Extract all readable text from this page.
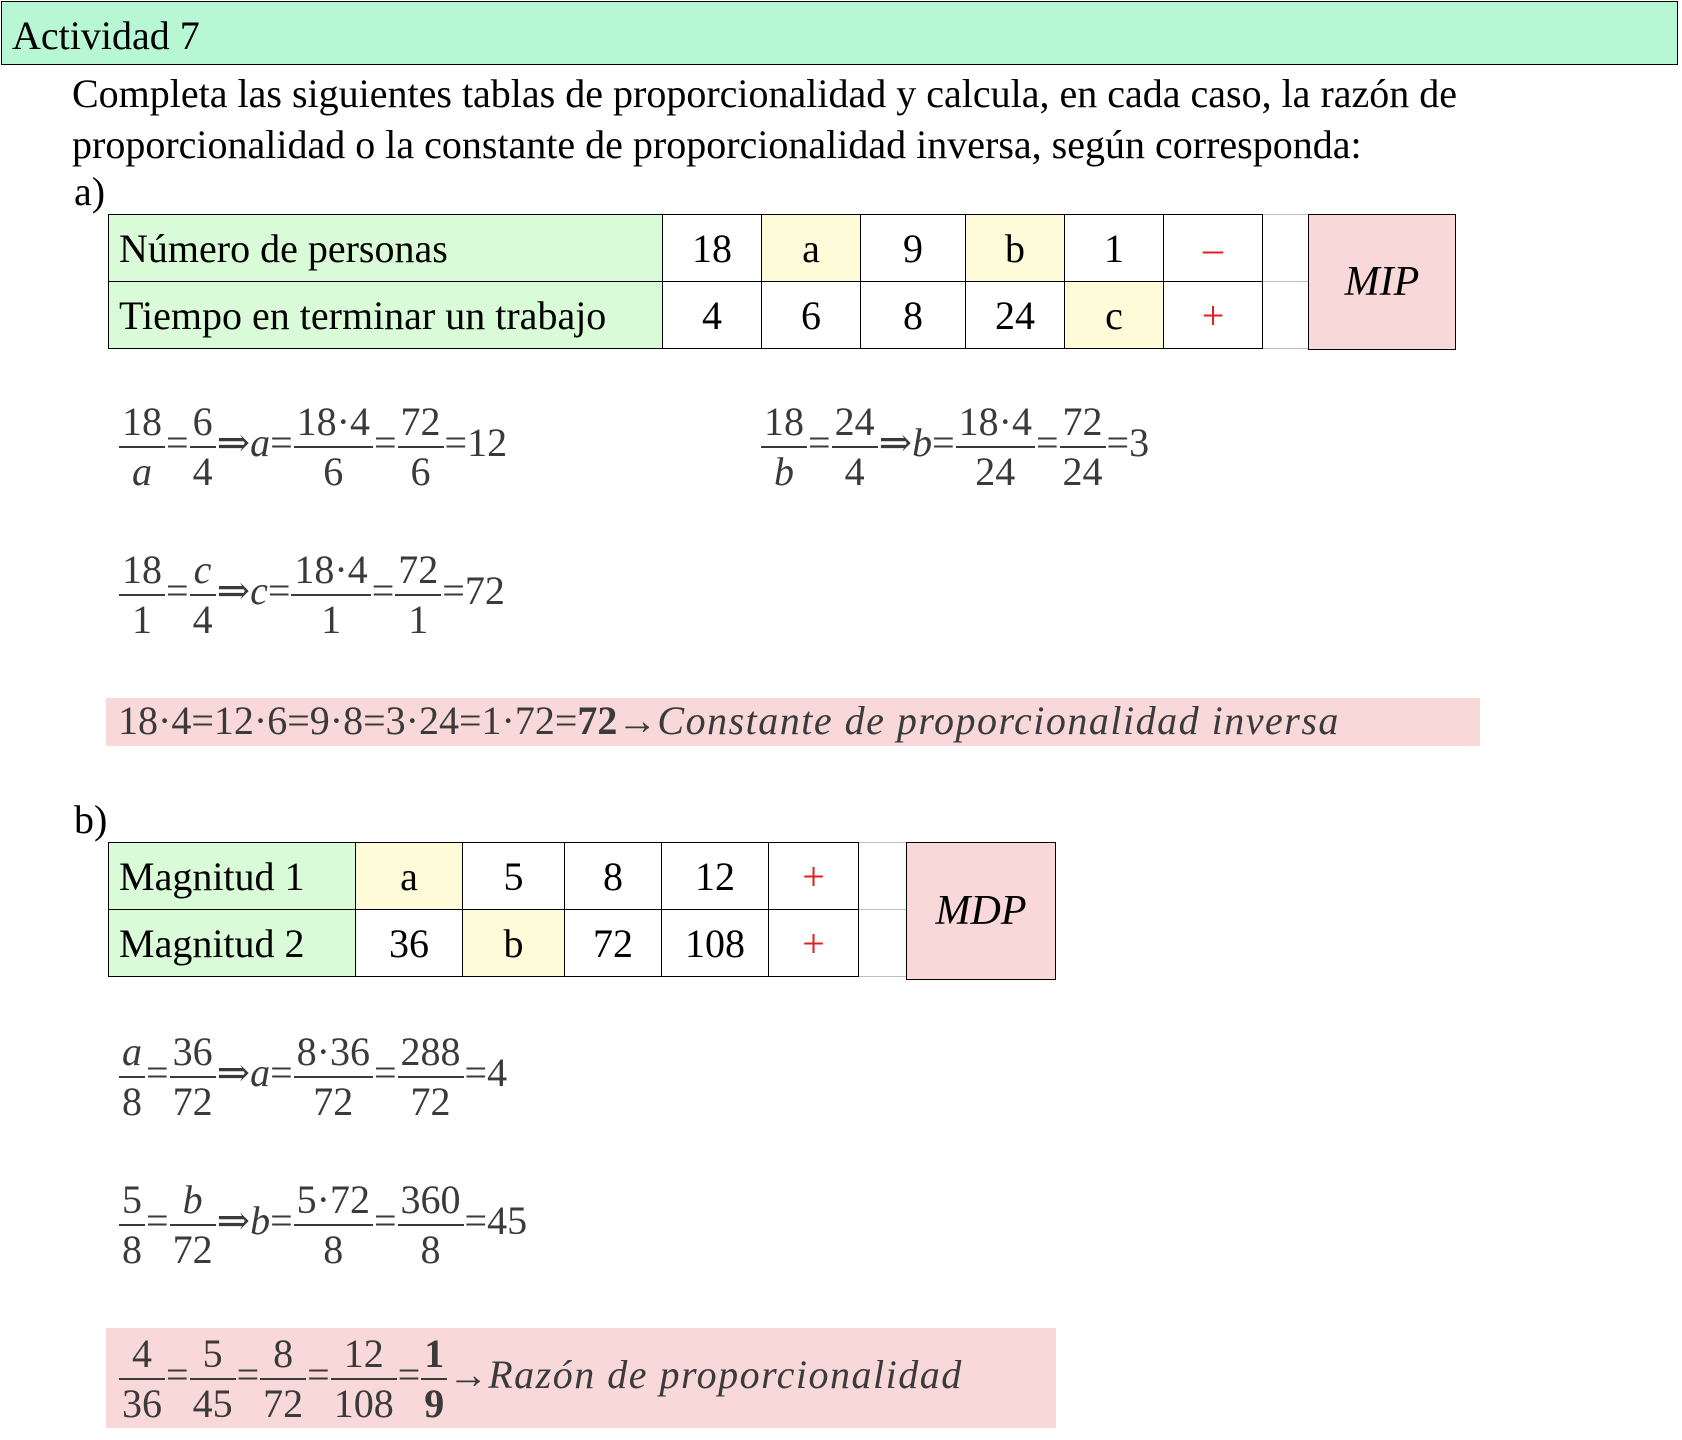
Actividad 7
Completa las siguientes tablas de proporcionalidad y calcula, en cada caso, la razón de proporcionalidad o la constante de proporcionalidad inversa, según corresponda:
a)
Número de personas	18	a	9	b	1	–	
Tiempo en terminar un trabajo	4	6	8	24	c	+	
MIP
$\frac{18}{a} = \frac{6}{4}$ ⇒a= $\frac{18\cdot 4}{6} = \frac{72}{6} =12$	$\frac{18}{b} = \frac{24}{4}$ ⇒b= $\frac{18\cdot 4}{24} = \frac{72}{24} =3$
$\frac{18}{1} = \frac{c}{4}$ ⇒c= $\frac{18\cdot 4}{1} = \frac{72}{1} =72$
18·4=12·6=9·8=3·24=1·72=72→Constante de proporcionalidad inversa
b)
Magnitud 1	a	5	8	12	+	
Magnitud 2	36	b	72	108	+	
MDP
$\frac{a}{8} = \frac{36}{72}$ ⇒a= $\frac{8\cdot 36}{72} = \frac{288}{72} =4$
$\frac{5}{8} = \frac{b}{72}$ ⇒b= $\frac{5\cdot 72}{8} = \frac{360}{8} =45$
$\frac{4}{36} = \frac{5}{45} = \frac{8}{72} = \frac{12}{108} = \frac{1}{9}$ →Razón de proporcionalidad
